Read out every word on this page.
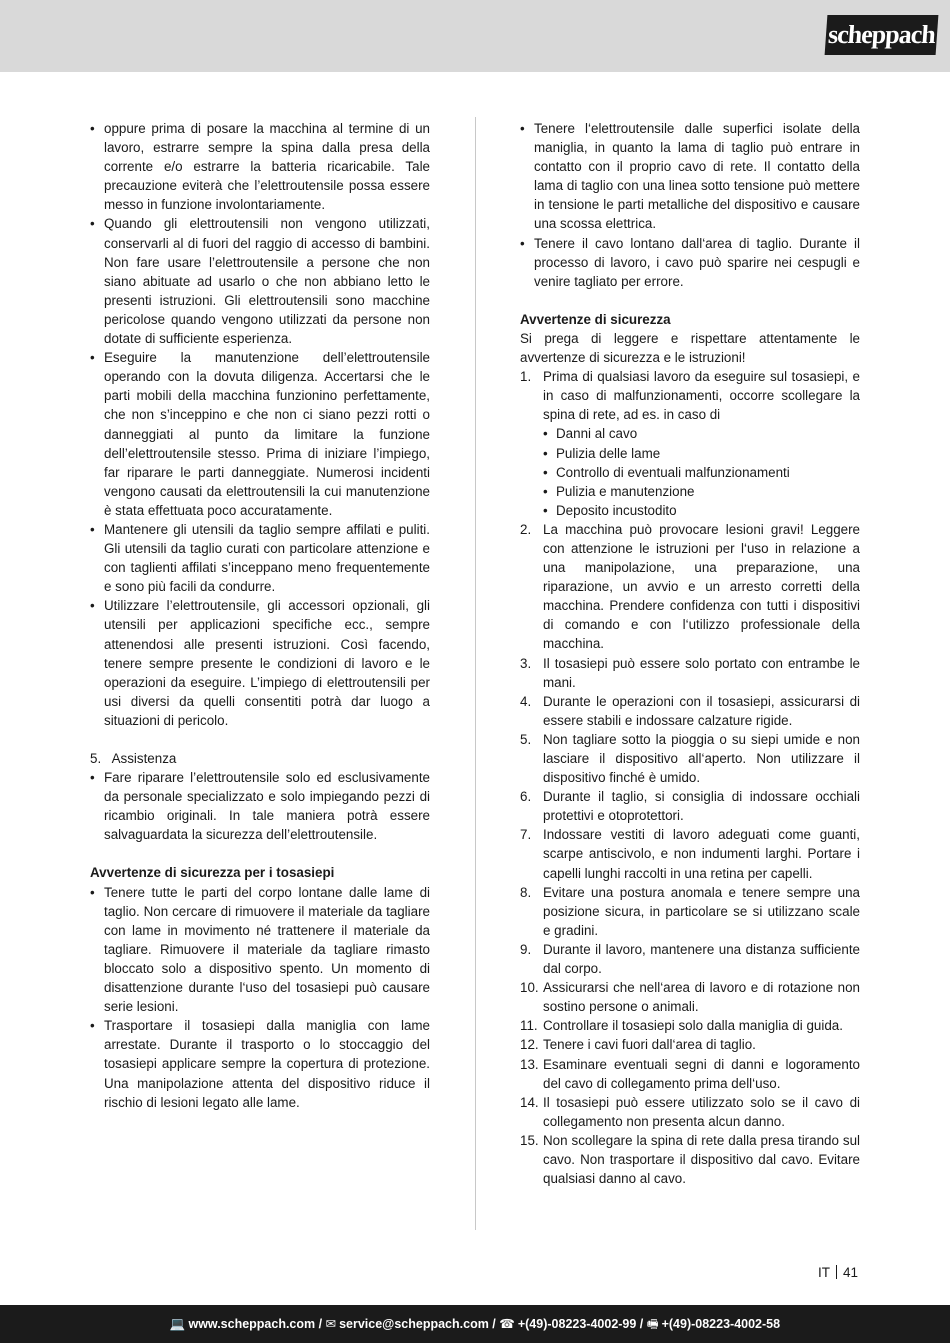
scheppach
• oppure prima di posare la macchina al termine di un lavoro, estrarre sempre la spina dalla presa della corrente e/o estrarre la batteria ricaricabile. Tale precauzione eviterà che l’elettroutensile possa essere messo in funzione involontariamente.
• Quando gli elettroutensili non vengono utilizzati, conservarli al di fuori del raggio di accesso di bambini. Non fare usare l’elettroutensile a persone che non siano abituate ad usarlo o che non abbiano letto le presenti istruzioni. Gli elettroutensili sono macchine pericolose quando vengono utilizzati da persone non dotate di sufficiente esperienza.
• Eseguire la manutenzione dell’elettroutensile operando con la dovuta diligenza. Accertarsi che le parti mobili della macchina funzionino perfettamente, che non s’inceppino e che non ci siano pezzi rotti o danneggiati al punto da limitare la funzione dell’elettroutensile stesso. Prima di iniziare l’impiego, far riparare le parti danneggiate. Numerosi incidenti vengono causati da elettroutensili la cui manutenzione è stata effettuata poco accuratamente.
• Mantenere gli utensili da taglio sempre affilati e puliti. Gli utensili da taglio curati con particolare attenzione e con taglienti affilati s’inceppano meno frequentemente e sono più facili da condurre.
• Utilizzare l’elettroutensile, gli accessori opzionali, gli utensili per applicazioni specifiche ecc., sempre attenendosi alle presenti istruzioni. Così facendo, tenere sempre presente le condizioni di lavoro e le operazioni da eseguire. L’impiego di elettroutensili per usi diversi da quelli consentiti potrà dar luogo a situazioni di pericolo.
5.   Assistenza
• Fare riparare l’elettroutensile solo ed esclusivamente da personale specializzato e solo impiegando pezzi di ricambio originali. In tale maniera potrà essere salvaguardata la sicurezza dell’elettroutensile.
Avvertenze di sicurezza per i tosasiepi
• Tenere tutte le parti del corpo lontane dalle lame di taglio. Non cercare di rimuovere il materiale da tagliare con lame in movimento né trattenere il materiale da tagliare. Rimuovere il materiale da tagliare rimasto bloccato solo a dispositivo spento. Un momento di disattenzione durante l‘uso del tosasiepi può causare serie lesioni.
• Trasportare il tosasiepi dalla maniglia con lame arrestate. Durante il trasporto o lo stoccaggio del tosasiepi applicare sempre la copertura di protezione. Una manipolazione attenta del dispositivo riduce il rischio di lesioni legato alle lame.
• Tenere l‘elettroutensile dalle superfici isolate della maniglia, in quanto la lama di taglio può entrare in contatto con il proprio cavo di rete. Il contatto della lama di taglio con una linea sotto tensione può mettere in tensione le parti metalliche del dispositivo e causare una scossa elettrica.
• Tenere il cavo lontano dall‘area di taglio. Durante il processo di lavoro, i cavo può sparire nei cespugli e venire tagliato per errore.
Avvertenze di sicurezza
Si prega di leggere e rispettare attentamente le avvertenze di sicurezza e le istruzioni!
1. Prima di qualsiasi lavoro da eseguire sul tosasiepi, e in caso di malfunzionamenti, occorre scollegare la spina di rete, ad es. in caso di
• Danni al cavo
• Pulizia delle lame
• Controllo di eventuali malfunzionamenti
• Pulizia e manutenzione
• Deposito incustodito
2. La macchina può provocare lesioni gravi! Leggere con attenzione le istruzioni per l‘uso in relazione a una manipolazione, una preparazione, una riparazione, un avvio e un arresto corretti della macchina. Prendere confidenza con tutti i dispositivi di comando e con l‘utilizzo professionale della macchina.
3. Il tosasiepi può essere solo portato con entrambe le mani.
4. Durante le operazioni con il tosasiepi, assicurarsi di essere stabili e indossare calzature rigide.
5. Non tagliare sotto la pioggia o su siepi umide e non lasciare il dispositivo all‘aperto. Non utilizzare il dispositivo finché è umido.
6. Durante il taglio, si consiglia di indossare occhiali protettivi e otoprotettori.
7. Indossare vestiti di lavoro adeguati come guanti, scarpe antiscivolo, e non indumenti larghi. Portare i capelli lunghi raccolti in una retina per capelli.
8. Evitare una postura anomala e tenere sempre una posizione sicura, in particolare se si utilizzano scale e gradini.
9. Durante il lavoro, mantenere una distanza sufficiente dal corpo.
10. Assicurarsi che nell‘area di lavoro e di rotazione non sostino persone o animali.
11. Controllare il tosasiepi solo dalla maniglia di guida.
12. Tenere i cavi fuori dall‘area di taglio.
13. Esaminare eventuali segni di danni e logoramento del cavo di collegamento prima dell‘uso.
14. Il tosasiepi può essere utilizzato solo se il cavo di collegamento non presenta alcun danno.
15. Non scollegare la spina di rete dalla presa tirando sul cavo. Non trasportare il dispositivo dal cavo. Evitare qualsiasi danno al cavo.
IT 41
💻 www.scheppach.com / ✉ service@scheppach.com / ☎ +(49)-08223-4002-99 / 🖷 +(49)-08223-4002-58
